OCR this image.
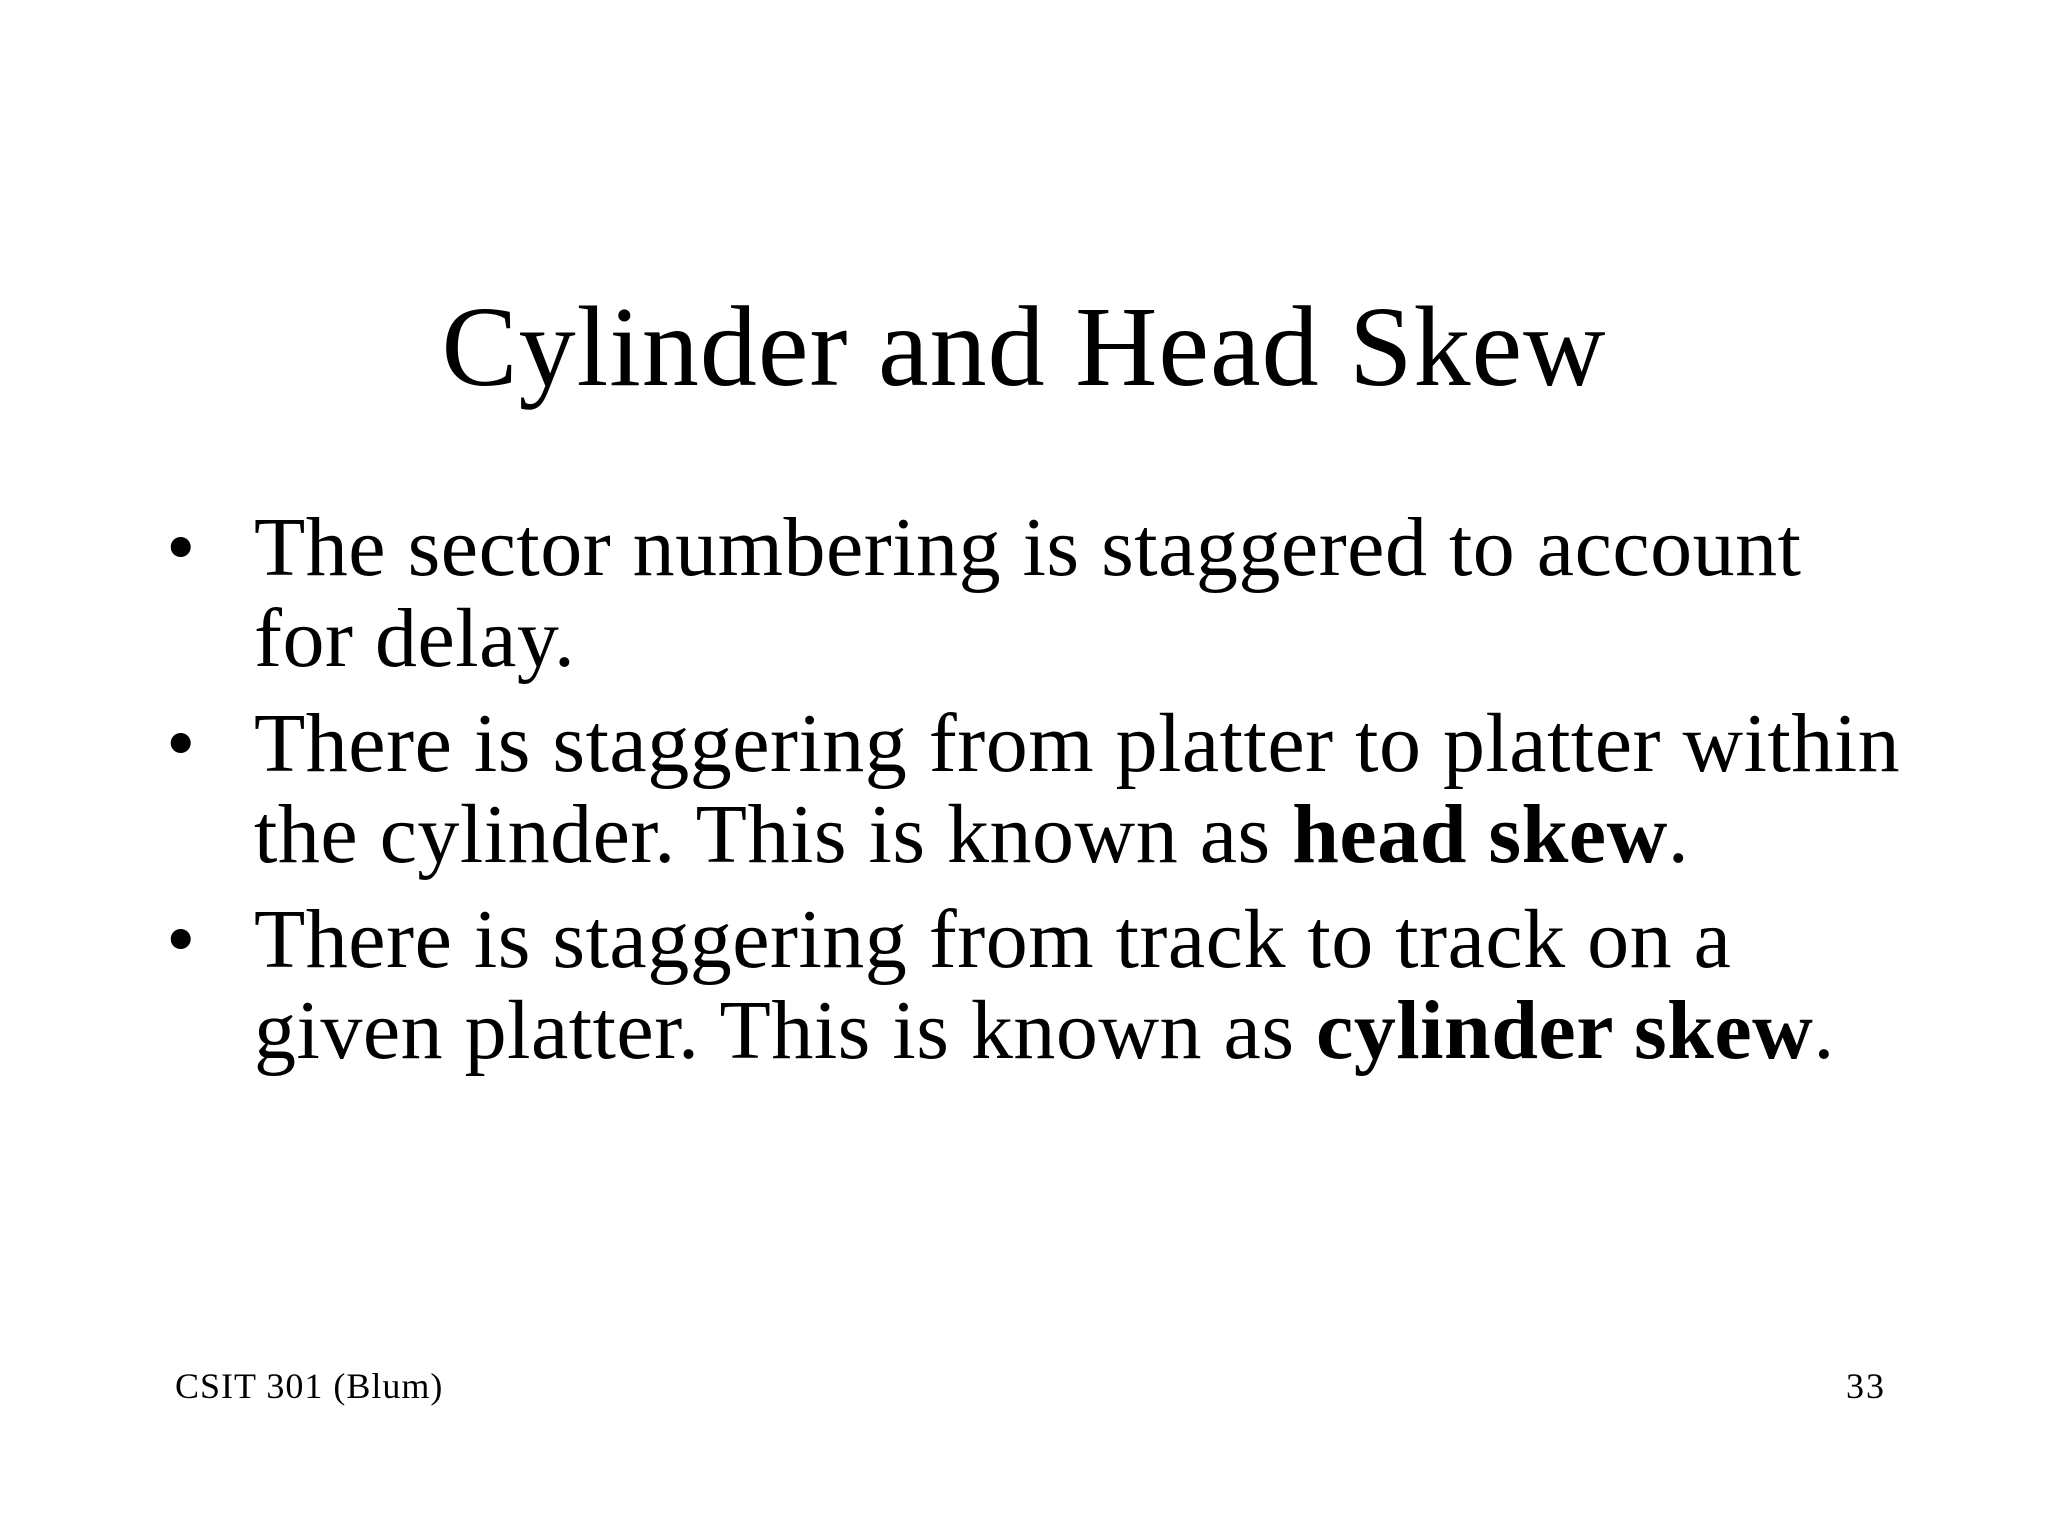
Cylinder and Head Skew
• The sector numbering is staggered to account for delay.
• There is staggering from platter to platter within the cylinder. This is known as head skew.
• There is staggering from track to track on a given platter. This is known as cylinder skew.
CSIT 301 (Blum)	33
